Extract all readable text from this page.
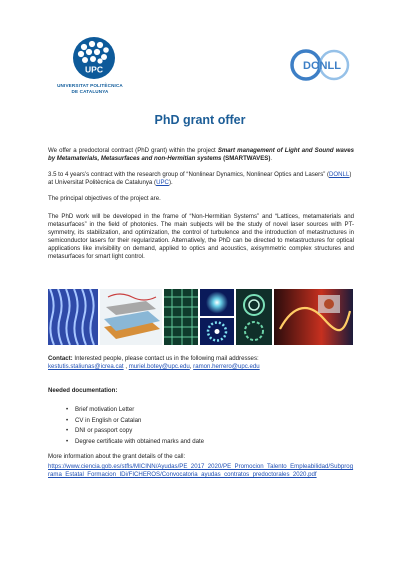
UPC
UNIVERSITAT POLITÈCNICA
DE CATALUNYA
DONLL
PhD grant offer

We offer a predoctoral contract (PhD grant) within the project Smart management of Light and Sound waves by Metamaterials, Metasurfaces and non-Hermitian systems (SMARTWAVES).

3.5 to 4 years’s contract with the research group of “Nonlinear Dynamics, Nonlinear Optics and Lasers” (DONLL) at Universitat Politècnica de Catalunya (UPC).

The principal objectives of the project are.

The PhD work will be developed in the frame of “Non-Hermitian Systems” and “Lattices, metamaterials and metasurfaces” in the field of photonics. The main subjects will be the study of novel laser sources with PT-symmetry, its stabilization, and optimization, the control of turbulence and the introduction of metastructures in semiconductor lasers for their regularization. Alternatively, the PhD can be directed to metastructures for optical applications like invisibility on demand, applied to optics and acoustics, axisymmetric complex structures and metasurfaces for smart light control.

Contact: Interested people, please contact us in the following mail addresses:
kestutis.staliunas@icrea.cat , muriel.botey@upc.edu, ramon.herrero@upc.edu

Needed documentation:

• Brief motivation Letter
• CV in English or Catalan
• DNI or passport copy
• Degree certificate with obtained marks and date

More information about the grant details of the call:

https://www.ciencia.gob.es/stfls/MICINN/Ayudas/PE_2017_2020/PE_Promocion_Talento_Empleabilidad/Subprograma_Estatal_Formacion_IDi/FICHEROS/Convocatoria_ayudas_contratos_predoctorales_2020.pdf
